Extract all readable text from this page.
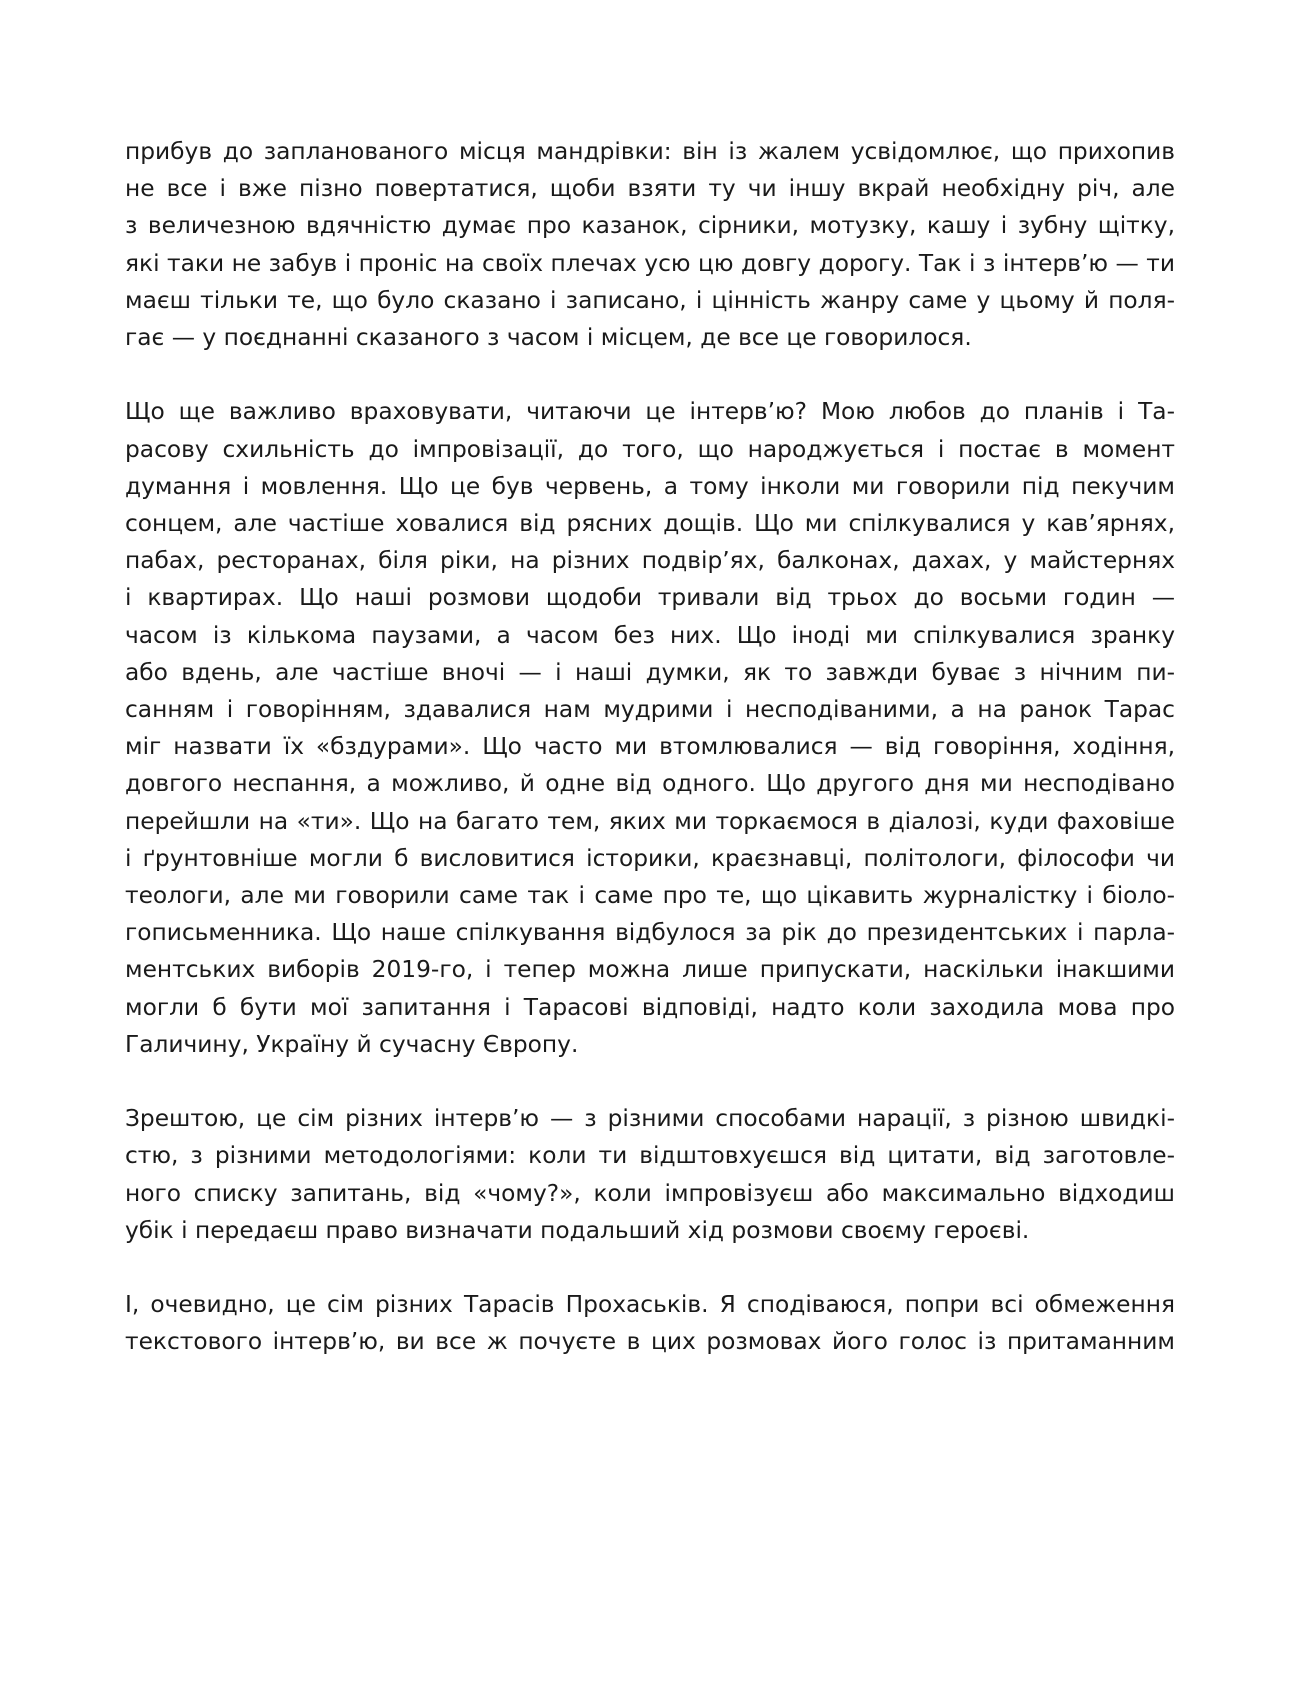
прибув до запланованого місця мандрівки: він із жалем усвідомлює, що прихопив
не все і вже пізно повертатися, щоби взяти ту чи іншу вкрай необхідну річ, але
з величезною вдячністю думає про казанок, сірники, мотузку, кашу і зубну щітку,
які таки не забув і проніс на своїх плечах усю цю довгу дорогу. Так і з інтерв’ю — ти
маєш тільки те, що було сказано і записано, і цінність жанру саме у цьому й поля-
гає — у поєднанні сказаного з часом і місцем, де все це говорилося.
Що ще важливо враховувати, читаючи це інтерв’ю? Мою любов до планів і Та-
расову схильність до імпровізації, до того, що народжується і постає в момент
думання і мовлення. Що це був червень, а тому інколи ми говорили під пекучим
сонцем, але частіше ховалися від рясних дощів. Що ми спілкувалися у кав’ярнях,
пабах, ресторанах, біля ріки, на різних подвір’ях, балконах, дахах, у майстернях
і квартирах. Що наші розмови щодоби тривали від трьох до восьми годин —
часом із кількома паузами, а часом без них. Що іноді ми спілкувалися зранку
або вдень, але частіше вночі — і наші думки, як то завжди буває з нічним пи-
санням і говорінням, здавалися нам мудрими і несподіваними, а на ранок Тарас
міг назвати їх «бздурами». Що часто ми втомлювалися — від говоріння, ходіння,
довгого неспання, а можливо, й одне від одного. Що другого дня ми несподівано
перейшли на «ти». Що на багато тем, яких ми торкаємося в діалозі, куди фаховіше
і ґрунтовніше могли б висловитися історики, краєзнавці, політологи, філософи чи
теологи, але ми говорили саме так і саме про те, що цікавить журналістку і біоло-
гописьменника. Що наше спілкування відбулося за рік до президентських і парла-
ментських виборів 2019-го, і тепер можна лише припускати, наскільки інакшими
могли б бути мої запитання і Тарасові відповіді, надто коли заходила мова про
Галичину, Україну й сучасну Європу.
Зрештою, це сім різних інтерв’ю — з різними способами нарації, з різною швидкі-
стю, з різними методологіями: коли ти відштовхуєшся від цитати, від заготовле-
ного списку запитань, від «чому?», коли імпровізуєш або максимально відходиш
убік і передаєш право визначати подальший хід розмови своєму героєві.
І, очевидно, це сім різних Тарасів Прохаськів. Я сподіваюся, попри всі обмеження
текстового інтерв’ю, ви все ж почуєте в цих розмовах його голос із притаманним
